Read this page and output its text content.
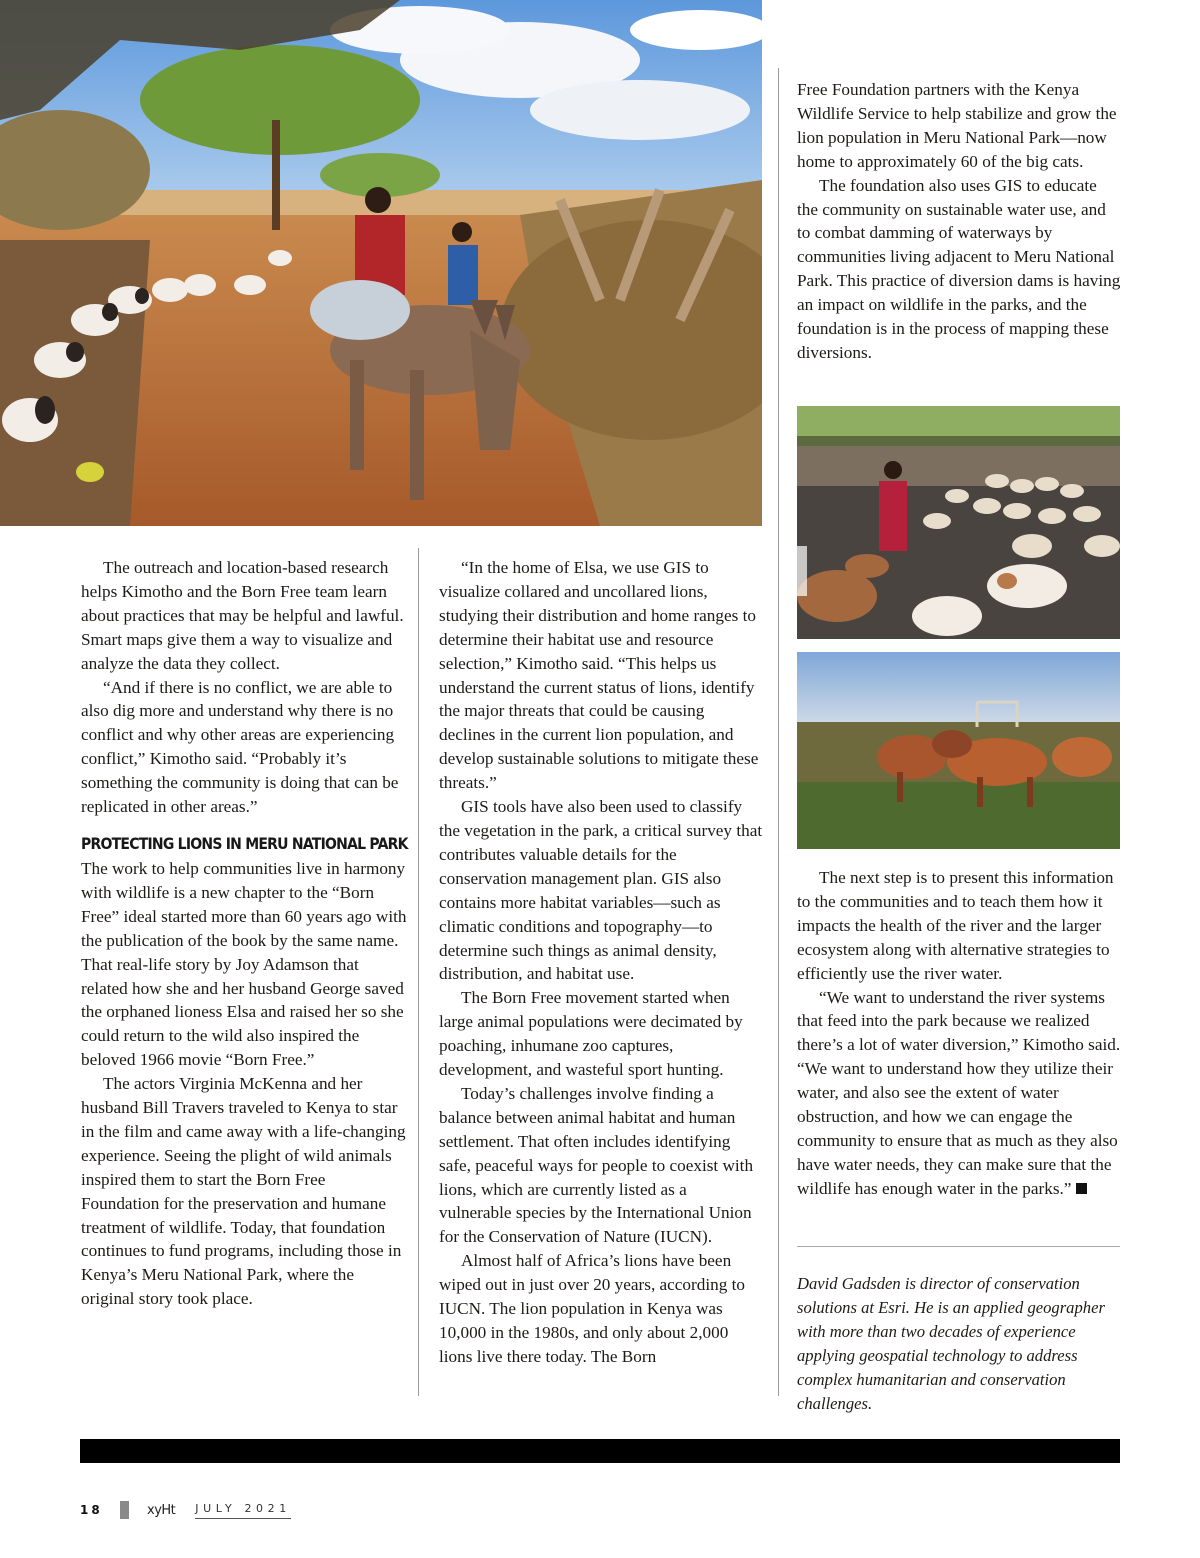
The outreach and location-based research helps Kimotho and the Born Free team learn about practices that may be helpful and lawful. Smart maps give them a way to visualize and analyze the data they collect.

“And if there is no conflict, we are able to also dig more and understand why there is no conflict and why other areas are experiencing conflict,” Kimotho said. “Probably it’s something the community is doing that can be replicated in other areas.”

PROTECTING LIONS IN MERU NATIONAL PARK

The work to help communities live in harmony with wildlife is a new chapter to the “Born Free” ideal started more than 60 years ago with the publication of the book by the same name. That real-life story by Joy Adamson that related how she and her husband George saved the orphaned lioness Elsa and raised her so she could return to the wild also inspired the beloved 1966 movie “Born Free.”

The actors Virginia McKenna and her husband Bill Travers traveled to Kenya to star in the film and came away with a life-changing experience. Seeing the plight of wild animals inspired them to start the Born Free Foundation for the preservation and humane treatment of wildlife. Today, that foundation continues to fund programs, including those in Kenya’s Meru National Park, where the original story took place.

“In the home of Elsa, we use GIS to visualize collared and uncollared lions, studying their distribution and home ranges to determine their habitat use and resource selection,” Kimotho said. “This helps us understand the current status of lions, identify the major threats that could be causing declines in the current lion population, and develop sustainable solutions to mitigate these threats.”

GIS tools have also been used to classify the vegetation in the park, a critical survey that contributes valuable details for the conservation management plan. GIS also contains more habitat variables—such as climatic conditions and topography—to determine such things as animal density, distribution, and habitat use.

The Born Free movement started when large animal populations were decimated by poaching, inhumane zoo captures, development, and wasteful sport hunting.

Today’s challenges involve finding a balance between animal habitat and human settlement. That often includes identifying safe, peaceful ways for people to coexist with lions, which are currently listed as a vulnerable species by the International Union for the Conservation of Nature (IUCN).

Almost half of Africa’s lions have been wiped out in just over 20 years, according to IUCN. The lion population in Kenya was 10,000 in the 1980s, and only about 2,000 lions live there today. The Born

Free Foundation partners with the Kenya Wildlife Service to help stabilize and grow the lion population in Meru National Park—now home to approximately 60 of the big cats.

The foundation also uses GIS to educate the community on sustainable water use, and to combat damming of waterways by communities living adjacent to Meru National Park. This practice of diversion dams is having an impact on wildlife in the parks, and the foundation is in the process of mapping these diversions.

The next step is to present this information to the communities and to teach them how it impacts the health of the river and the larger ecosystem along with alternative strategies to efficiently use the river water.

“We want to understand the river systems that feed into the park because we realized there’s a lot of water diversion,” Kimotho said. “We want to understand how they utilize their water, and also see the extent of water obstruction, and how we can engage the community to ensure that as much as they also have water needs, they can make sure that the wildlife has enough water in the parks.”

David Gadsden is director of conservation solutions at Esri. He is an applied geographer with more than two decades of experience applying geospatial technology to address complex humanitarian and conservation challenges.
18	xyHt JULY 2021
